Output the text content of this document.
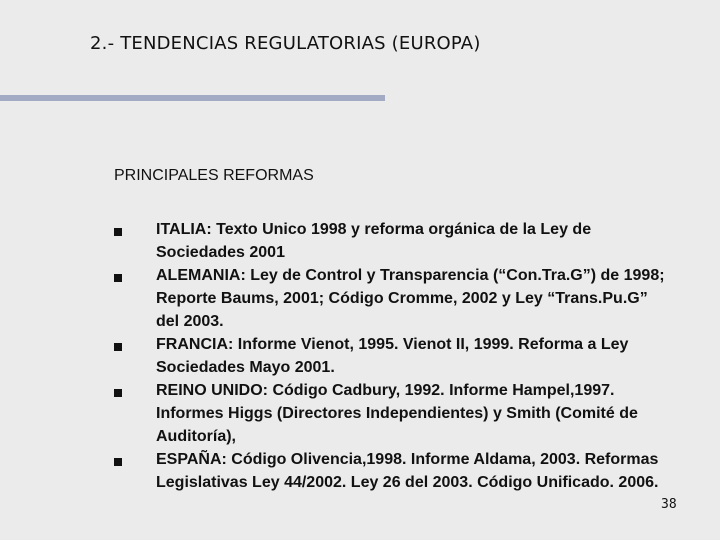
2.- TENDENCIAS REGULATORIAS (EUROPA)
PRINCIPALES REFORMAS
ITALIA: Texto Unico 1998 y reforma orgánica de la Ley de Sociedades 2001
ALEMANIA: Ley de Control y Transparencia (“Con.Tra.G”) de 1998; Reporte Baums, 2001; Código Cromme, 2002 y Ley “Trans.Pu.G” del 2003.
FRANCIA: Informe Vienot, 1995. Vienot II, 1999. Reforma a Ley Sociedades Mayo 2001.
REINO UNIDO: Código Cadbury, 1992. Informe Hampel,1997. Informes Higgs (Directores Independientes) y Smith (Comité de Auditoría),
ESPAÑA: Código Olivencia,1998. Informe Aldama, 2003. Reformas Legislativas Ley 44/2002. Ley 26 del 2003. Código Unificado. 2006.
38
